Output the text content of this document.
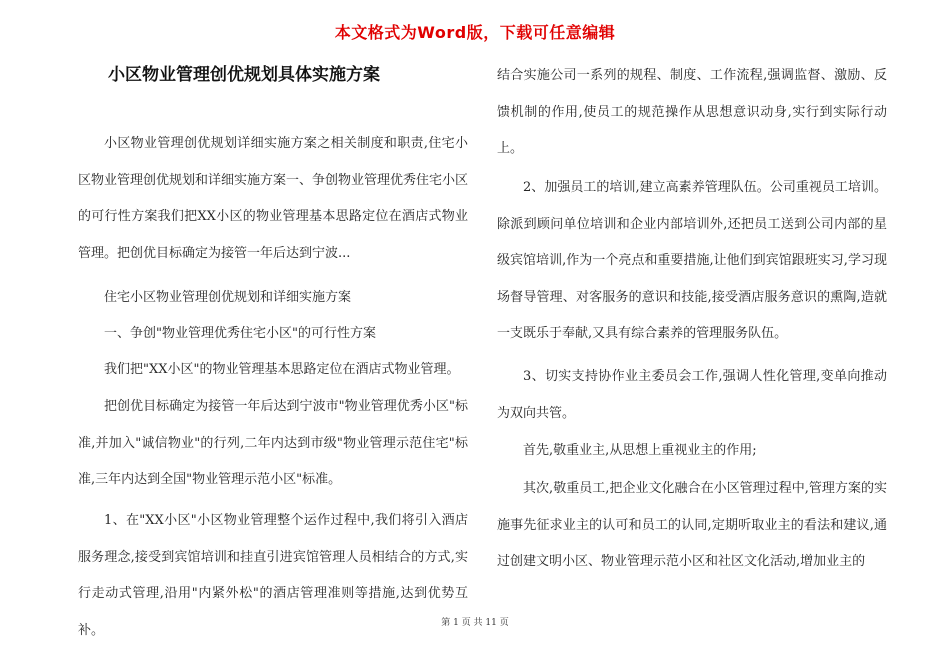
本文格式为Word版，下载可任意编辑
小区物业管理创优规划具体实施方案

小区物业管理创优规划详细实施方案之相关制度和职责,住宅小区物业管理创优规划和详细实施方案一、争创物业管理优秀住宅小区的可行性方案我们把XX小区的物业管理基本思路定位在酒店式物业管理。把创优目标确定为接管一年后达到宁波...

住宅小区物业管理创优规划和详细实施方案

一、争创"物业管理优秀住宅小区"的可行性方案

我们把"XX小区"的物业管理基本思路定位在酒店式物业管理。

把创优目标确定为接管一年后达到宁波市"物业管理优秀小区"标准,并加入"诚信物业"的行列,二年内达到市级"物业管理示范住宅"标准,三年内达到全国"物业管理示范小区"标准。

1、在"XX小区"小区物业管理整个运作过程中,我们将引入酒店服务理念,接受到宾馆培训和挂直引进宾馆管理人员相结合的方式,实行走动式管理,沿用"内紧外松"的酒店管理准则等措施,达到优势互补。

结合实施公司一系列的规程、制度、工作流程,强调监督、激励、反馈机制的作用,使员工的规范操作从思想意识动身,实行到实际行动上。

2、加强员工的培训,建立高素养管理队伍。公司重视员工培训。除派到顾问单位培训和企业内部培训外,还把员工送到公司内部的星级宾馆培训,作为一个亮点和重要措施,让他们到宾馆跟班实习,学习现场督导管理、对客服务的意识和技能,接受酒店服务意识的熏陶,造就一支既乐于奉献,又具有综合素养的管理服务队伍。

3、切实支持协作业主委员会工作,强调人性化管理,变单向推动为双向共管。

首先,敬重业主,从思想上重视业主的作用;

其次,敬重员工,把企业文化融合在小区管理过程中,管理方案的实施事先征求业主的认可和员工的认同,定期听取业主的看法和建议,通过创建文明小区、物业管理示范小区和社区文化活动,增加业主的

第 1 页 共 11 页
